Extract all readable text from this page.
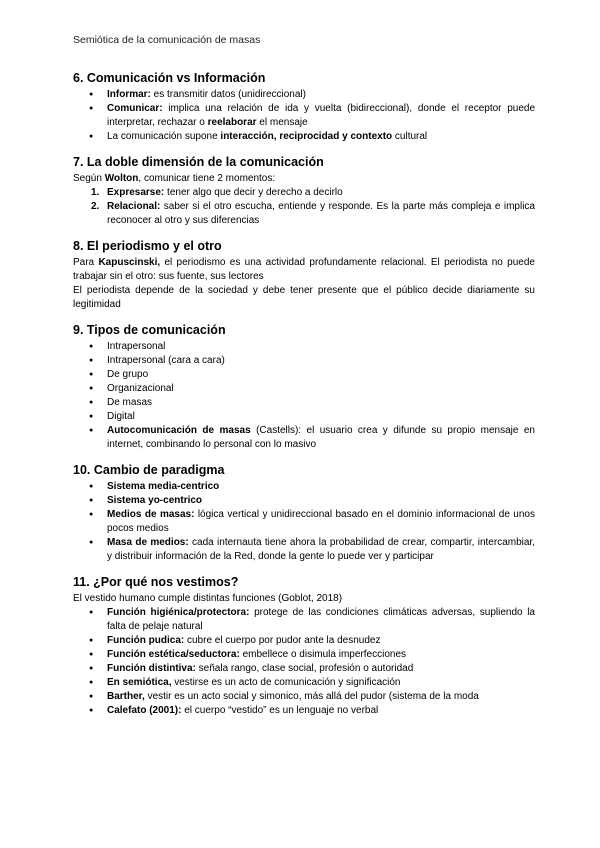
Semiótica de la comunicación de masas
6. Comunicación vs Información
● Informar: es transmitir datos (unidireccional)
● Comunicar: implica una relación de ida y vuelta (bidireccional), donde el receptor puede interpretar, rechazar o reelaborar el mensaje
● La comunicación supone interacción, reciprocidad y contexto cultural
7. La doble dimensión de la comunicación

Según Wolton, comunicar tiene 2 momentos:

1. Expresarse: tener algo que decir y derecho a decirlo
2. Relacional: saber si el otro escucha, entiende y responde. Es la parte más compleja e implica reconocer al otro y sus diferencias
8. El periodismo y el otro

Para Kapuscinski, el periodismo es una actividad profundamente relacional. El periodista no puede trabajar sin el otro: sus fuente, sus lectores

El periodista depende de la sociedad y debe tener presente que el público decide diariamente su legitimidad

9. Tipos de comunicación
● Intrapersonal
● Intrapersonal (cara a cara)
● De grupo
● Organizacional
● De masas
● Digital
● Autocomunicación de masas (Castells): el usuario crea y difunde su propio mensaje en internet, combinando lo personal con lo masivo
10. Cambio de paradigma
● Sistema media-centrico
● Sistema yo-centrico
● Medios de masas: lógica vertical y unidireccional basado en el dominio informacional de unos pocos medios
● Masa de medios: cada internauta tiene ahora la probabilidad de crear, compartir, intercambiar, y distribuir información de la Red, donde la gente lo puede ver y participar
11. ¿Por qué nos vestimos?

El vestido humano cumple distintas funciones (Goblot, 2018)

● Función higiénica/protectora: protege de las condiciones climáticas adversas, supliendo la falta de pelaje natural
● Función pudica: cubre el cuerpo por pudor ante la desnudez
● Función estética/seductora: embellece o disimula imperfecciones
● Función distintiva: señala rango, clase social, profesión o autoridad
● En semiótica, vestirse es un acto de comunicación y significación
● Barther, vestir es un acto social y simonico, más allá del pudor (sistema de la moda
● Calefato (2001): el cuerpo “vestido” es un lenguaje no verbal
